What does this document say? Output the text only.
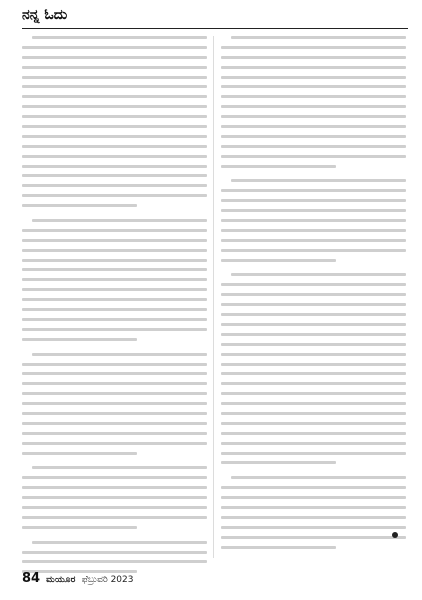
ನನ್ನ ಓದು
84 ಮಯೂರ ಫೆಬ್ರುವರಿ 2023
